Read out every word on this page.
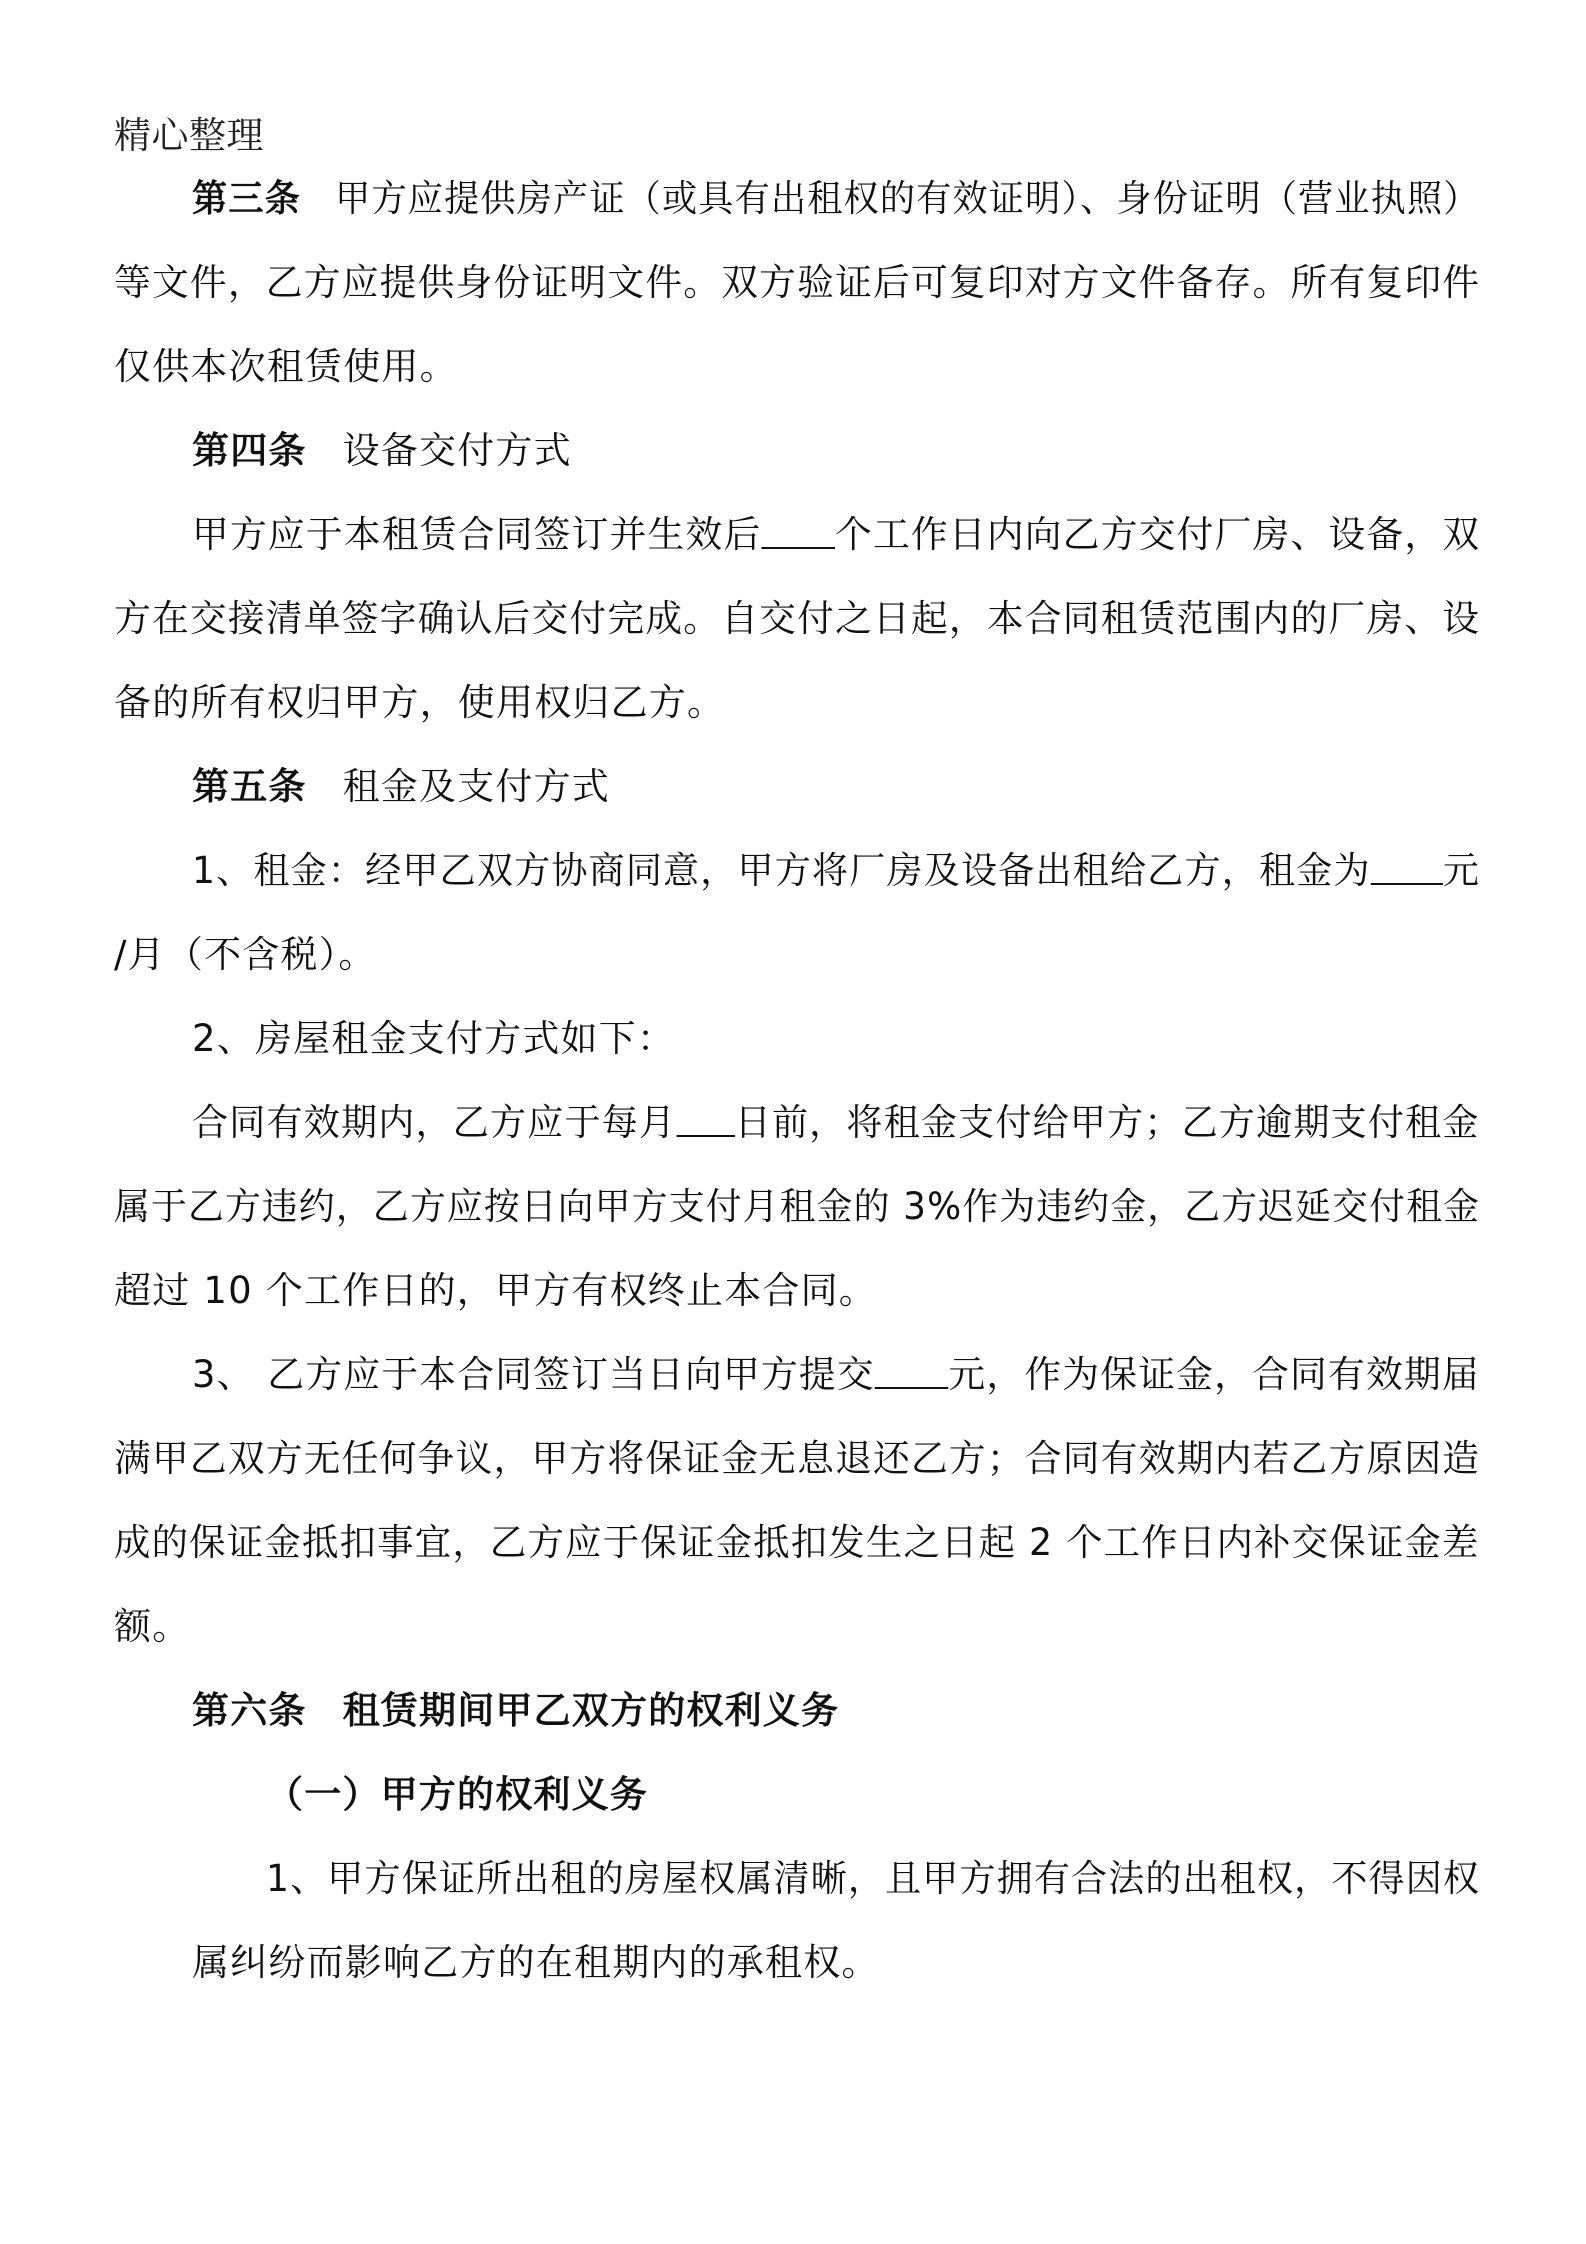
精心整理
第三条 甲方应提供房产证（或具有出租权的有效证明）、身份证明（营业执照）
等文件，乙方应提供身份证明文件。双方验证后可复印对方文件备存。所有复印件
仅供本次租赁使用。
第四条 设备交付方式
甲方应于本租赁合同签订并生效后 个工作日内向乙方交付厂房、设备，双
方在交接清单签字确认后交付完成。自交付之日起，本合同租赁范围内的厂房、设
备的所有权归甲方，使用权归乙方。
第五条 租金及支付方式
1、租金：经甲乙双方协商同意，甲方将厂房及设备出租给乙方，租金为 元
/月（不含税）。
2、房屋租金支付方式如下：
合同有效期内，乙方应于每月 日前，将租金支付给甲方；乙方逾期支付租金
属于乙方违约，乙方应按日向甲方支付月租金的 3%作为违约金，乙方迟延交付租金
超过 10 个工作日的，甲方有权终止本合同。
3、 乙方应于本合同签订当日向甲方提交 元，作为保证金，合同有效期届
满甲乙双方无任何争议，甲方将保证金无息退还乙方；合同有效期内若乙方原因造
成的保证金抵扣事宜，乙方应于保证金抵扣发生之日起 2 个工作日内补交保证金差
额。
第六条 租赁期间甲乙双方的权利义务
（一）甲方的权利义务
1、甲方保证所出租的房屋权属清晰，且甲方拥有合法的出租权，不得因权
属纠纷而影响乙方的在租期内的承租权。
